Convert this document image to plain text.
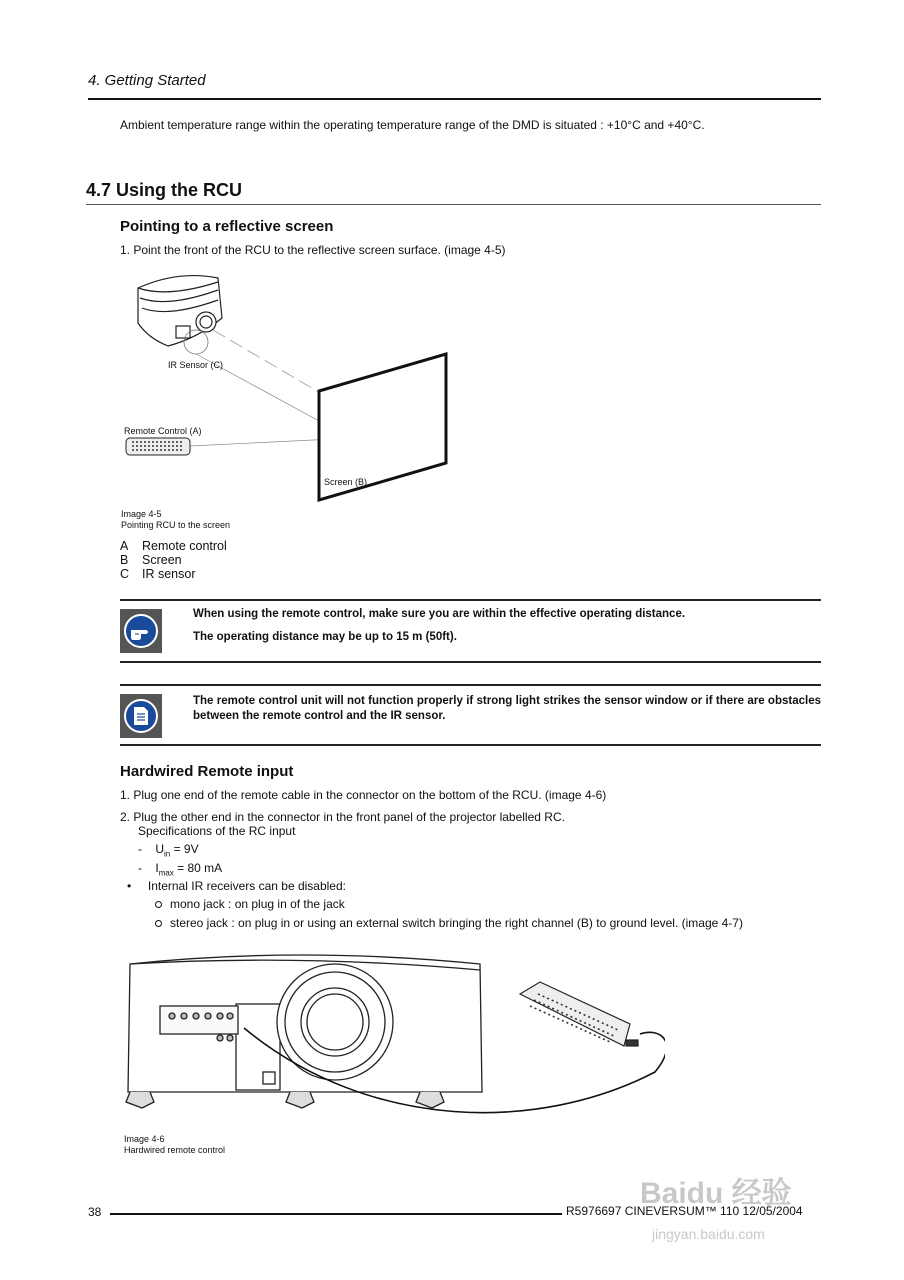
4. Getting Started
Ambient temperature range within the operating temperature range of the DMD is situated : +10°C and +40°C.
4.7 Using the RCU
Pointing to a reflective screen
1. Point the front of the RCU to the reflective screen surface. (image 4-5)
IR Sensor (C)
Remote Control (A)
Screen (B)
Image 4-5
Pointing RCU to the screen
A Remote control
B Screen
C IR sensor
When using the remote control, make sure you are within the effective operating distance.
The operating distance may be up to 15 m (50ft).
The remote control unit will not function properly if strong light strikes the sensor window or if there are obstacles between the remote control and the IR sensor.
Hardwired Remote input
1. Plug one end of the remote cable in the connector on the bottom of the RCU. (image 4-6)
2. Plug the other end in the connector in the front panel of the projector labelled RC.
Specifications of the RC input
-    $U_{in} = 9V$
-    $I_{max} = 80$ mA
•     Internal IR receivers can be disabled:
mono jack : on plug in of the jack
stereo jack : on plug in or using an external switch bringing the right channel (B) to ground level. (image 4-7)
Image 4-6
Hardwired remote control
38	R5976697 CINEVERSUM™ 110 12/05/2004
Baidu 经验
jingyan.baidu.com
